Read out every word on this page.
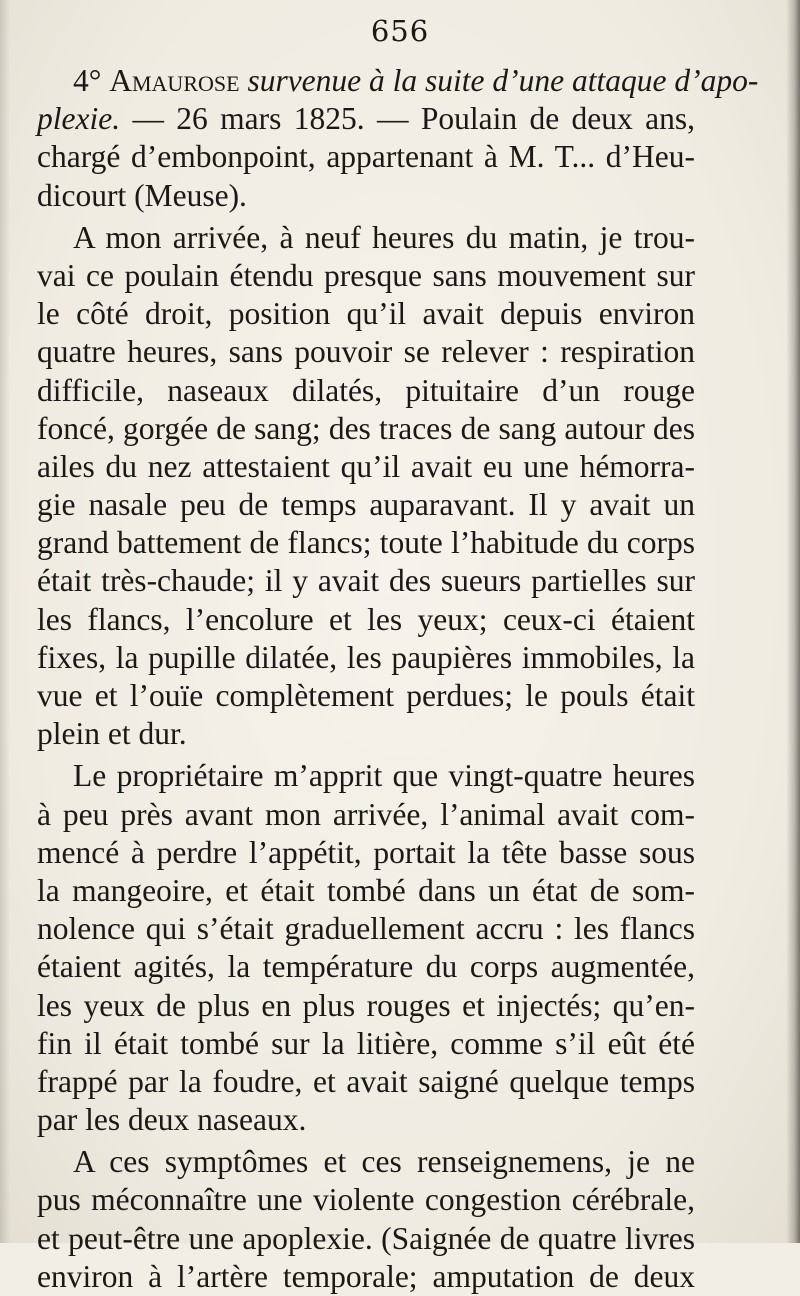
656
4° Amaurose survenue à la suite d’une attaque d’apo-
plexie. — 26 mars 1825. — Poulain de deux ans,
chargé d’embonpoint, appartenant à M. T... d’Heu-
dicourt (Meuse).
A mon arrivée, à neuf heures du matin, je trou-
vai ce poulain étendu presque sans mouvement sur
le côté droit, position qu’il avait depuis environ
quatre heures, sans pouvoir se relever : respiration
difficile, naseaux dilatés, pituitaire d’un rouge
foncé, gorgée de sang; des traces de sang autour des
ailes du nez attestaient qu’il avait eu une hémorra-
gie nasale peu de temps auparavant. Il y avait un
grand battement de flancs; toute l’habitude du corps
était très-chaude; il y avait des sueurs partielles sur
les flancs, l’encolure et les yeux; ceux-ci étaient
fixes, la pupille dilatée, les paupières immobiles, la
vue et l’ouïe complètement perdues; le pouls était
plein et dur.
Le propriétaire m’apprit que vingt-quatre heures
à peu près avant mon arrivée, l’animal avait com-
mencé à perdre l’appétit, portait la tête basse sous
la mangeoire, et était tombé dans un état de som-
nolence qui s’était graduellement accru : les flancs
étaient agités, la température du corps augmentée,
les yeux de plus en plus rouges et injectés; qu’en-
fin il était tombé sur la litière, comme s’il eût été
frappé par la foudre, et avait saigné quelque temps
par les deux naseaux.
A ces symptômes et ces renseignemens, je ne
pus méconnaître une violente congestion cérébrale,
et peut-être une apoplexie. (Saignée de quatre livres
environ à l’artère temporale; amputation de deux
